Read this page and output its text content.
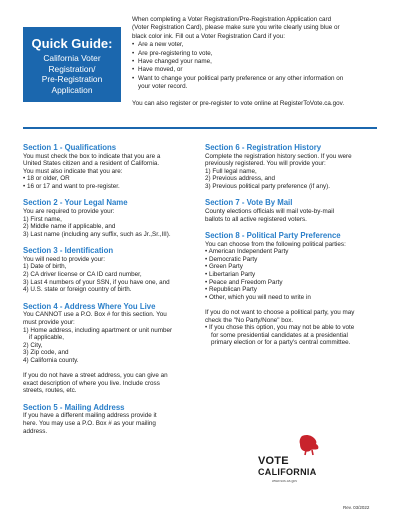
Quick Guide:
California Voter
Registration/
Pre-Registration
Application
When completing a Voter Registration/Pre-Registration Application card
(Voter Registration Card), please make sure you write clearly using blue or
black color ink. Fill out a Voter Registration Card if you:
• Are a new voter,
• Are pre-registering to vote,
• Have changed your name,
• Have moved, or
• Want to change your political party preference or any other information on
your voter record.
You can also register or pre-register to vote online at RegisterToVote.ca.gov.
Section 1 - Qualifications
You must check the box to indicate that you are a
United States citizen and a resident of California.
You must also indicate that you are:
• 18 or older, OR
• 16 or 17 and want to pre-register.
Section 2 - Your Legal Name
You are required to provide your:
1) First name,
2) Middle name if applicable, and
3) Last name (including any suffix, such as Jr.,Sr.,III).
Section 3 - Identification
You will need to provide your:
1) Date of birth,
2) CA driver license or CA ID card number,
3) Last 4 numbers of your SSN, if you have one, and
4) U.S. state or foreign country of birth.
Section 4 - Address Where You Live
You CANNOT use a P.O. Box # for this section. You
must provide your:
1) Home address, including apartment or unit number
if applicable,
2) City,
3) Zip code, and
4) California county.
If you do not have a street address, you can give an
exact description of where you live. Include cross
streets, routes, etc.
Section 5 - Mailing Address
If you have a different mailing address provide it
here. You may use a P.O. Box # as your mailing
address.
Section 6 - Registration History
Complete the registration history section. If you were
previously registered. You will provide your:
1) Full legal name,
2) Previous address, and
3) Previous political party preference (if any).
Section 7 - Vote By Mail
County elections officials will mail vote-by-mail
ballots to all active registered voters.
Section 8 - Political Party Preference
You can choose from the following political parties:
• American Independent Party
• Democratic Party
• Green Party
• Libertarian Party
• Peace and Freedom Party
• Republican Party
• Other, which you will need to write in
If you do not want to choose a political party, you may
check the "No Party/None" box.
• If you chose this option, you may not be able to vote
for some presidential candidates at a presidential
primary election or for a party's central committee.
VOTE
CALIFORNIA
www.sos.ca.gov
Rev. 03/2022
